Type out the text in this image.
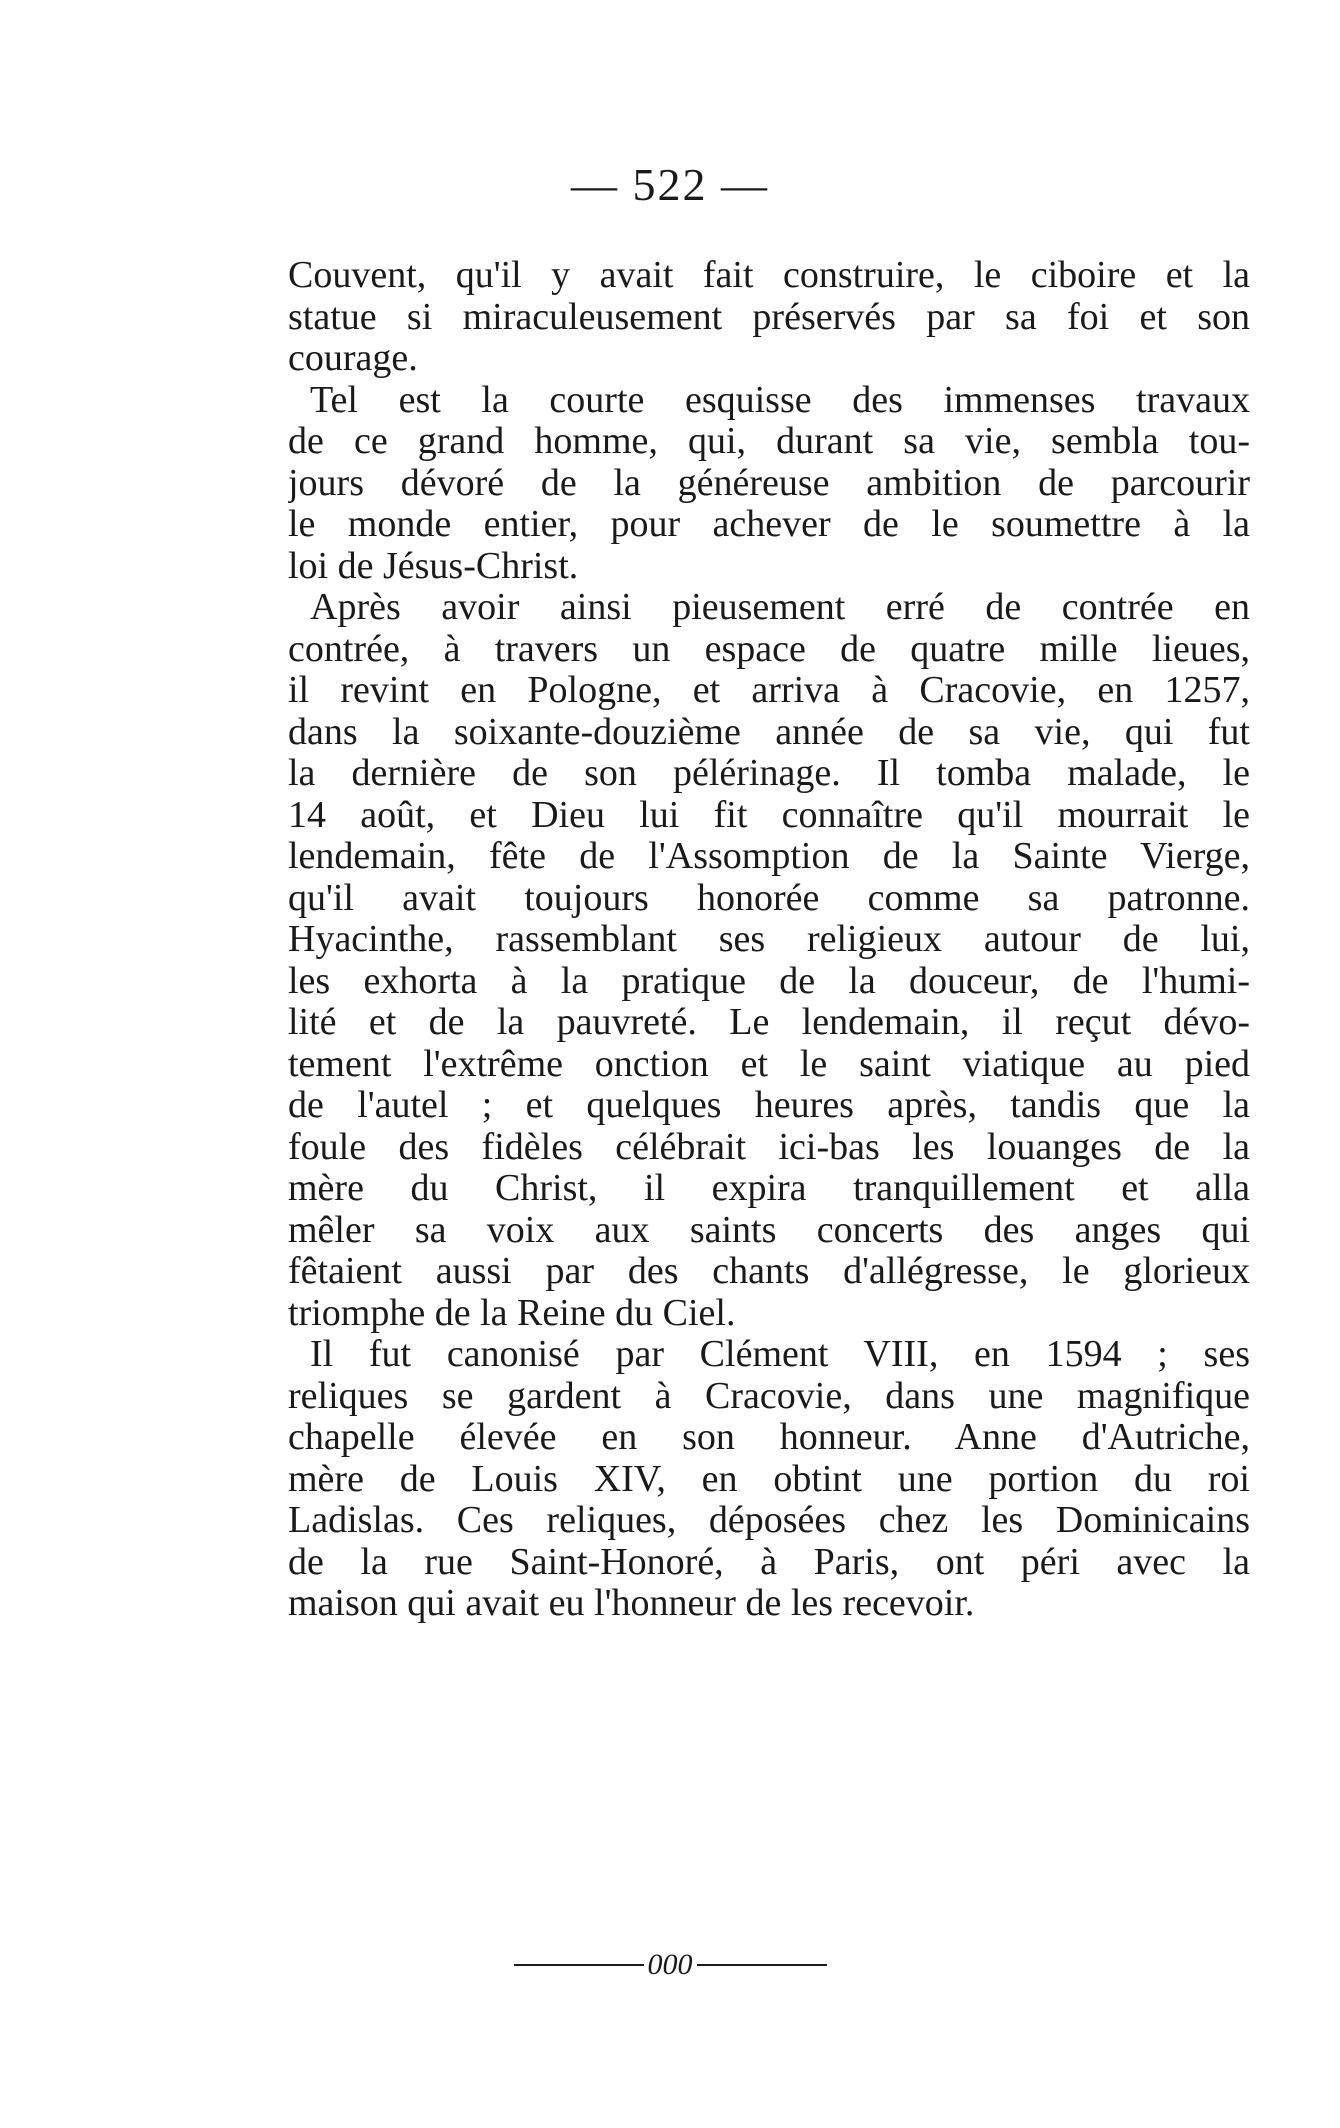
— 522 —
Couvent, qu'il y avait fait construire, le ciboire et la
statue si miraculeusement préservés par sa foi et son
courage.
Tel est la courte esquisse des immenses travaux
de ce grand homme, qui, durant sa vie, sembla tou-
jours dévoré de la généreuse ambition de parcourir
le monde entier, pour achever de le soumettre à la
loi de Jésus-Christ.
Après avoir ainsi pieusement erré de contrée en
contrée, à travers un espace de quatre mille lieues,
il revint en Pologne, et arriva à Cracovie, en 1257,
dans la soixante-douzième année de sa vie, qui fut
la dernière de son pélérinage. Il tomba malade, le
14 août, et Dieu lui fit connaître qu'il mourrait le
lendemain, fête de l'Assomption de la Sainte Vierge,
qu'il avait toujours honorée comme sa patronne.
Hyacinthe, rassemblant ses religieux autour de lui,
les exhorta à la pratique de la douceur, de l'humi-
lité et de la pauvreté. Le lendemain, il reçut dévo-
tement l'extrême onction et le saint viatique au pied
de l'autel ; et quelques heures après, tandis que la
foule des fidèles célébrait ici-bas les louanges de la
mère du Christ, il expira tranquillement et alla
mêler sa voix aux saints concerts des anges qui
fêtaient aussi par des chants d'allégresse, le glorieux
triomphe de la Reine du Ciel.
Il fut canonisé par Clément VIII, en 1594 ; ses
reliques se gardent à Cracovie, dans une magnifique
chapelle élevée en son honneur. Anne d'Autriche,
mère de Louis XIV, en obtint une portion du roi
Ladislas. Ces reliques, déposées chez les Dominicains
de la rue Saint-Honoré, à Paris, ont péri avec la
maison qui avait eu l'honneur de les recevoir.
000
